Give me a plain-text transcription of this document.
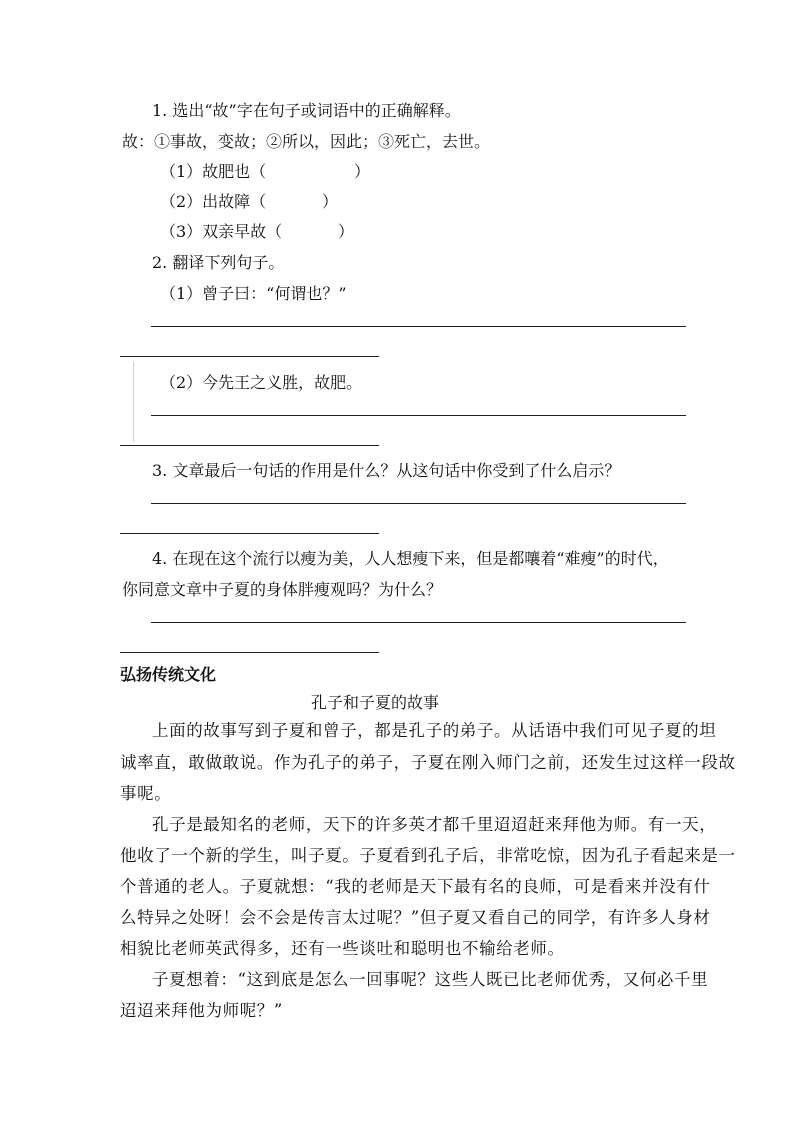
1. 选出“故”字在句子或词语中的正确解释。
故：①事故，变故；②所以，因此；③死亡，去世。
（1）故肥也（	）
（2）出故障（	）
（3）双亲早故（	）
2. 翻译下列句子。
（1）曾子曰：“何谓也？”
（2）今先王之义胜，故肥。
3. 文章最后一句话的作用是什么？从这句话中你受到了什么启示？
4. 在现在这个流行以瘦为美，人人想瘦下来，但是都嚷着“难瘦”的时代，
你同意文章中子夏的身体胖瘦观吗？为什么？
弘扬传统文化
孔子和子夏的故事
上面的故事写到子夏和曾子，都是孔子的弟子。从话语中我们可见子夏的坦
诚率直，敢做敢说。作为孔子的弟子，子夏在刚入师门之前，还发生过这样一段故
事呢。
孔子是最知名的老师，天下的许多英才都千里迢迢赶来拜他为师。有一天，
他收了一个新的学生，叫子夏。子夏看到孔子后，非常吃惊，因为孔子看起来是一
个普通的老人。子夏就想：“我的老师是天下最有名的良师，可是看来并没有什
么特异之处呀！会不会是传言太过呢？”但子夏又看自己的同学，有许多人身材
相貌比老师英武得多，还有一些谈吐和聪明也不输给老师。
子夏想着：“这到底是怎么一回事呢？这些人既已比老师优秀，又何必千里
迢迢来拜他为师呢？”
